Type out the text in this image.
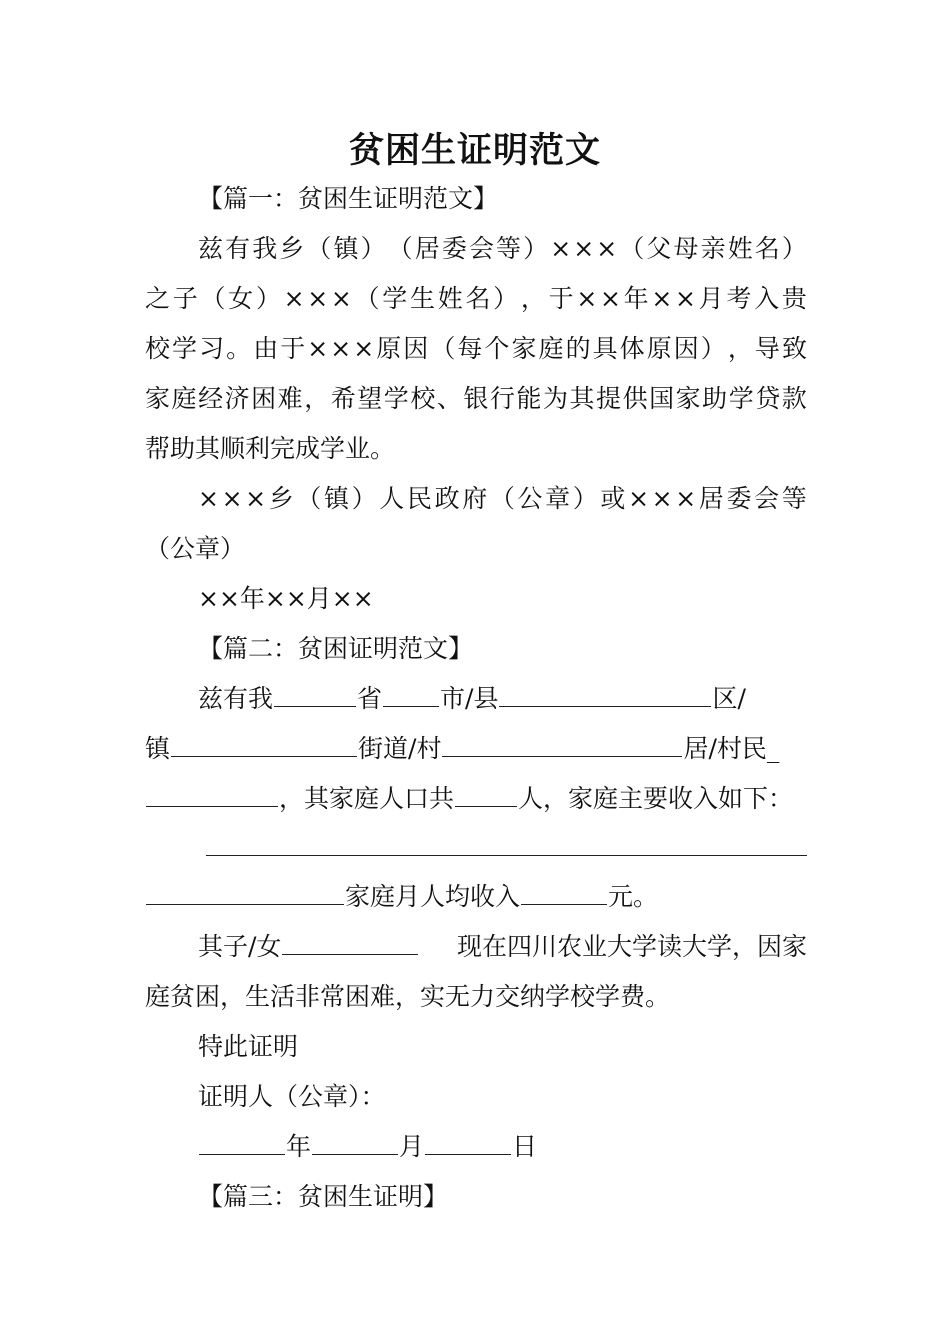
贫困生证明范文
【篇一：贫困生证明范文】
兹 有 我 乡 （ 镇 ） （ 居 委 会 等 ） × × × （ 父 母 亲 姓 名 ）
之 子 （ 女 ） × × × （ 学 生 姓 名 ） ， 于 × × 年 × × 月 考 入 贵
校 学 习 。 由 于 × × × 原 因 （ 每 个 家 庭 的 具 体 原 因 ） ， 导 致
家 庭 经 济 困 难 ， 希 望 学 校 、 银 行 能 为 其 提 供 国 家 助 学 贷 款
帮助其顺利完成学业。
× × × 乡 （ 镇 ） 人 民 政 府 （ 公 章 ） 或 × × × 居 委 会 等
（公章）
××年××月××
【篇二：贫困证明范文】
兹有我	省 市/县	区/
镇	街道/村	居/村民_
，其家庭人口共	人，家庭主要收入如下：
家庭月人均收入	元。
其子/女	现在四川农业大学读大学，因家
庭贫困，生活非常困难，实无力交纳学校学费。
特此证明
证明人（公章）：
年	月	日
【篇三：贫困生证明】
